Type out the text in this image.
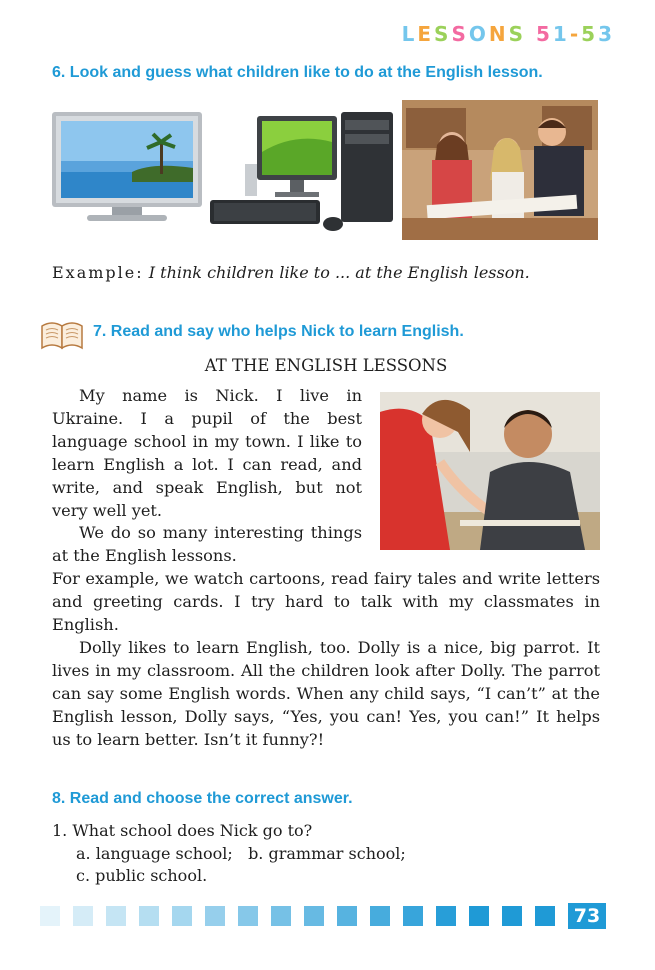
LESSONS 51-53
6. Look and guess what children like to do at the English lesson.
Example: I think children like to ... at the English lesson.
7. Read and say who helps Nick to learn English.
AT THE ENGLISH LESSONS
My name is Nick. I live in Ukraine. I a pupil of the best language school in my town. I like to learn English a lot. I can read, and write, and speak English, but not very well yet.
We do so many interesting things at the English lessons.
For example, we watch cartoons, read fairy tales and write letters and greeting cards. I try hard to talk with my classmates in English.
Dolly likes to learn English, too. Dolly is a nice, big parrot. It lives in my classroom. All the children look after Dolly. The parrot can say some English words. When any child says, “I can’t” at the English lesson, Dolly says, “Yes, you can! Yes, you can!” It helps us to learn better. Isn’t it funny?!
8. Read and choose the correct answer.
1. What school does Nick go to?
a. language school;   b. grammar school;
c. public school.
73
